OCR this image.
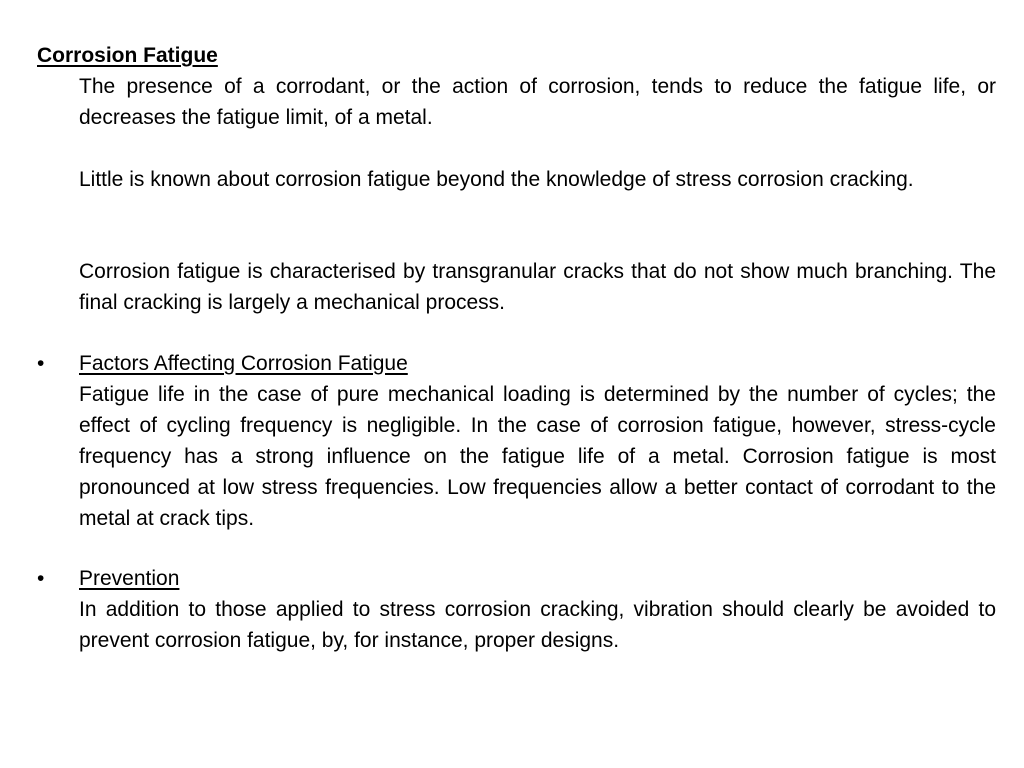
Corrosion Fatigue

The presence of a corrodant, or the action of corrosion, tends to reduce the fatigue life, or decreases the fatigue limit, of a metal.

Little is known about corrosion fatigue beyond the knowledge of stress corrosion cracking.

Corrosion fatigue is characterised by transgranular cracks that do not show much branching. The final cracking is largely a mechanical process.

•	Factors Affecting Corrosion Fatigue

Fatigue life in the case of pure mechanical loading is determined by the number of cycles; the effect of cycling frequency is negligible. In the case of corrosion fatigue, however, stress-cycle frequency has a strong influence on the fatigue life of a metal. Corrosion fatigue is most pronounced at low stress frequencies. Low frequencies allow a better contact of corrodant to the metal at crack tips.

•	Prevention

In addition to those applied to stress corrosion cracking, vibration should clearly be avoided to prevent corrosion fatigue, by, for instance, proper designs.
